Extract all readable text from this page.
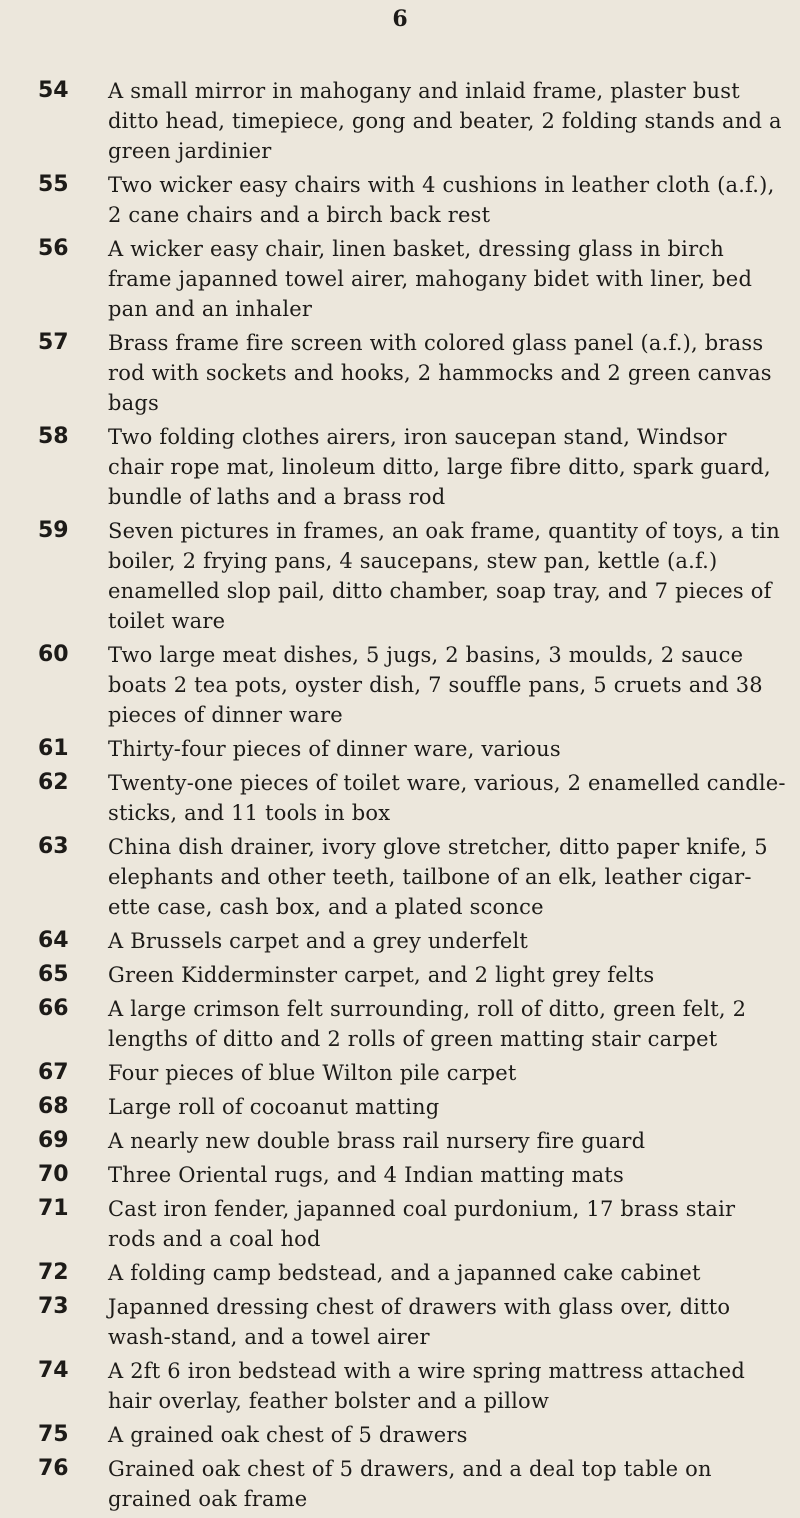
6
54	A small mirror in mahogany and inlaid frame, plaster bust ditto head, timepiece, gong and beater, 2 folding stands and a green jardinier
55	Two wicker easy chairs with 4 cushions in leather cloth (a.f.), 2 cane chairs and a birch back rest
56	A wicker easy chair, linen basket, dressing glass in birch frame japanned towel airer, mahogany bidet with liner, bed pan and an inhaler
57	Brass frame fire screen with colored glass panel (a.f.), brass rod with sockets and hooks, 2 hammocks and 2 green canvas bags
58	Two folding clothes airers, iron saucepan stand, Windsor chair rope mat, linoleum ditto, large fibre ditto, spark guard, bundle of laths and a brass rod
59	Seven pictures in frames, an oak frame, quantity of toys, a tin boiler, 2 frying pans, 4 saucepans, stew pan, kettle (a.f.) enamelled slop pail, ditto chamber, soap tray, and 7 pieces of toilet ware
60	Two large meat dishes, 5 jugs, 2 basins, 3 moulds, 2 sauce boats 2 tea pots, oyster dish, 7 souffle pans, 5 cruets and 38 pieces of dinner ware
61	Thirty-four pieces of dinner ware, various
62	Twenty-one pieces of toilet ware, various, 2 enamelled candle-sticks, and 11 tools in box
63	China dish drainer, ivory glove stretcher, ditto paper knife, 5 elephants and other teeth, tailbone of an elk, leather cigar-ette case, cash box, and a plated sconce
64	A Brussels carpet and a grey underfelt
65	Green Kidderminster carpet, and 2 light grey felts
66	A large crimson felt surrounding, roll of ditto, green felt, 2 lengths of ditto and 2 rolls of green matting stair carpet
67	Four pieces of blue Wilton pile carpet
68	Large roll of cocoanut matting
69	A nearly new double brass rail nursery fire guard
70	Three Oriental rugs, and 4 Indian matting mats
71	Cast iron fender, japanned coal purdonium, 17 brass stair rods and a coal hod
72	A folding camp bedstead, and a japanned cake cabinet
73	Japanned dressing chest of drawers with glass over, ditto wash-stand, and a towel airer
74	A 2ft 6 iron bedstead with a wire spring mattress attached hair overlay, feather bolster and a pillow
75	A grained oak chest of 5 drawers
76	Grained oak chest of 5 drawers, and a deal top table on grained oak frame
